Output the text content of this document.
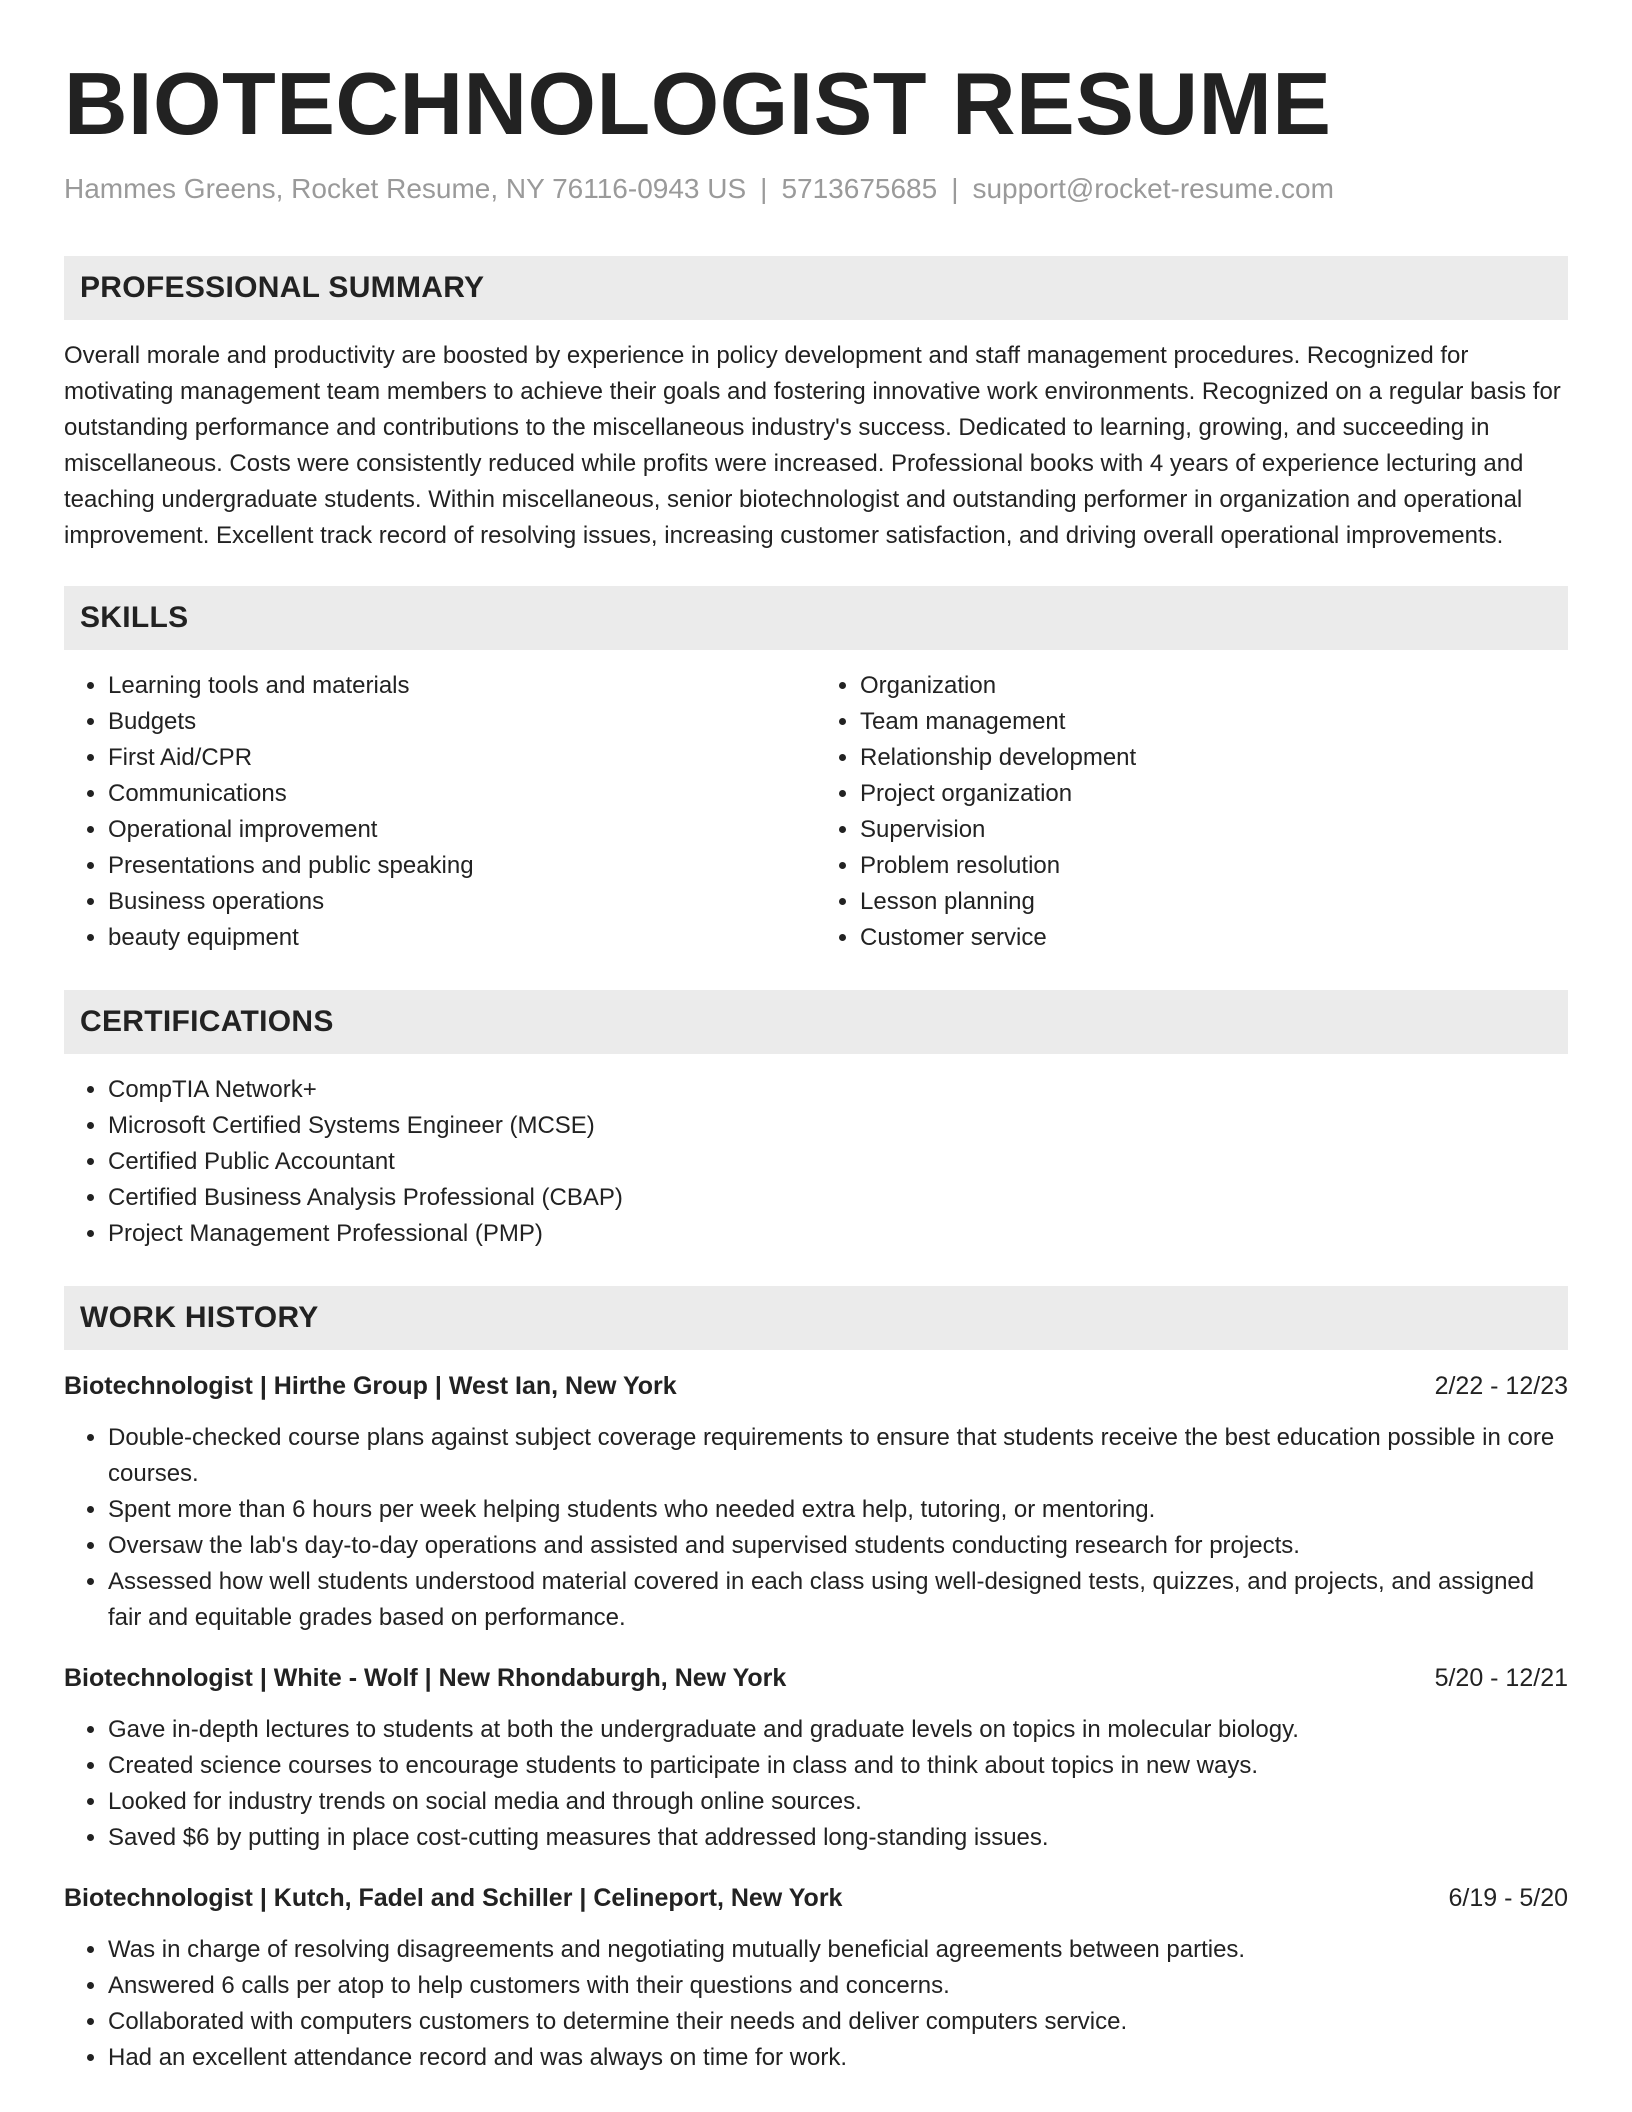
BIOTECHNOLOGIST RESUME
Hammes Greens, Rocket Resume, NY 76116-0943 US | 5713675685 | support@rocket-resume.com
PROFESSIONAL SUMMARY

Overall morale and productivity are boosted by experience in policy development and staff management procedures. Recognized for motivating management team members to achieve their goals and fostering innovative work environments. Recognized on a regular basis for outstanding performance and contributions to the miscellaneous industry's success. Dedicated to learning, growing, and succeeding in miscellaneous. Costs were consistently reduced while profits were increased. Professional books with 4 years of experience lecturing and teaching undergraduate students. Within miscellaneous, senior biotechnologist and outstanding performer in organization and operational improvement. Excellent track record of resolving issues, increasing customer satisfaction, and driving overall operational improvements.

SKILLS
• Learning tools and materials
• Budgets
• First Aid/CPR
• Communications
• Operational improvement
• Presentations and public speaking
• Business operations
• beauty equipment
• Organization
• Team management
• Relationship development
• Project organization
• Supervision
• Problem resolution
• Lesson planning
• Customer service
CERTIFICATIONS
• CompTIA Network+
• Microsoft Certified Systems Engineer (MCSE)
• Certified Public Accountant
• Certified Business Analysis Professional (CBAP)
• Project Management Professional (PMP)
WORK HISTORY
Biotechnologist | Hirthe Group | West Ian, New York	2/22 - 12/23
• Double-checked course plans against subject coverage requirements to ensure that students receive the best education possible in core courses.
• Spent more than 6 hours per week helping students who needed extra help, tutoring, or mentoring.
• Oversaw the lab's day-to-day operations and assisted and supervised students conducting research for projects.
• Assessed how well students understood material covered in each class using well-designed tests, quizzes, and projects, and assigned fair and equitable grades based on performance.
Biotechnologist | White - Wolf | New Rhondaburgh, New York	5/20 - 12/21
• Gave in-depth lectures to students at both the undergraduate and graduate levels on topics in molecular biology.
• Created science courses to encourage students to participate in class and to think about topics in new ways.
• Looked for industry trends on social media and through online sources.
• Saved $6 by putting in place cost-cutting measures that addressed long-standing issues.
Biotechnologist | Kutch, Fadel and Schiller | Celineport, New York	6/19 - 5/20
• Was in charge of resolving disagreements and negotiating mutually beneficial agreements between parties.
• Answered 6 calls per atop to help customers with their questions and concerns.
• Collaborated with computers customers to determine their needs and deliver computers service.
• Had an excellent attendance record and was always on time for work.
